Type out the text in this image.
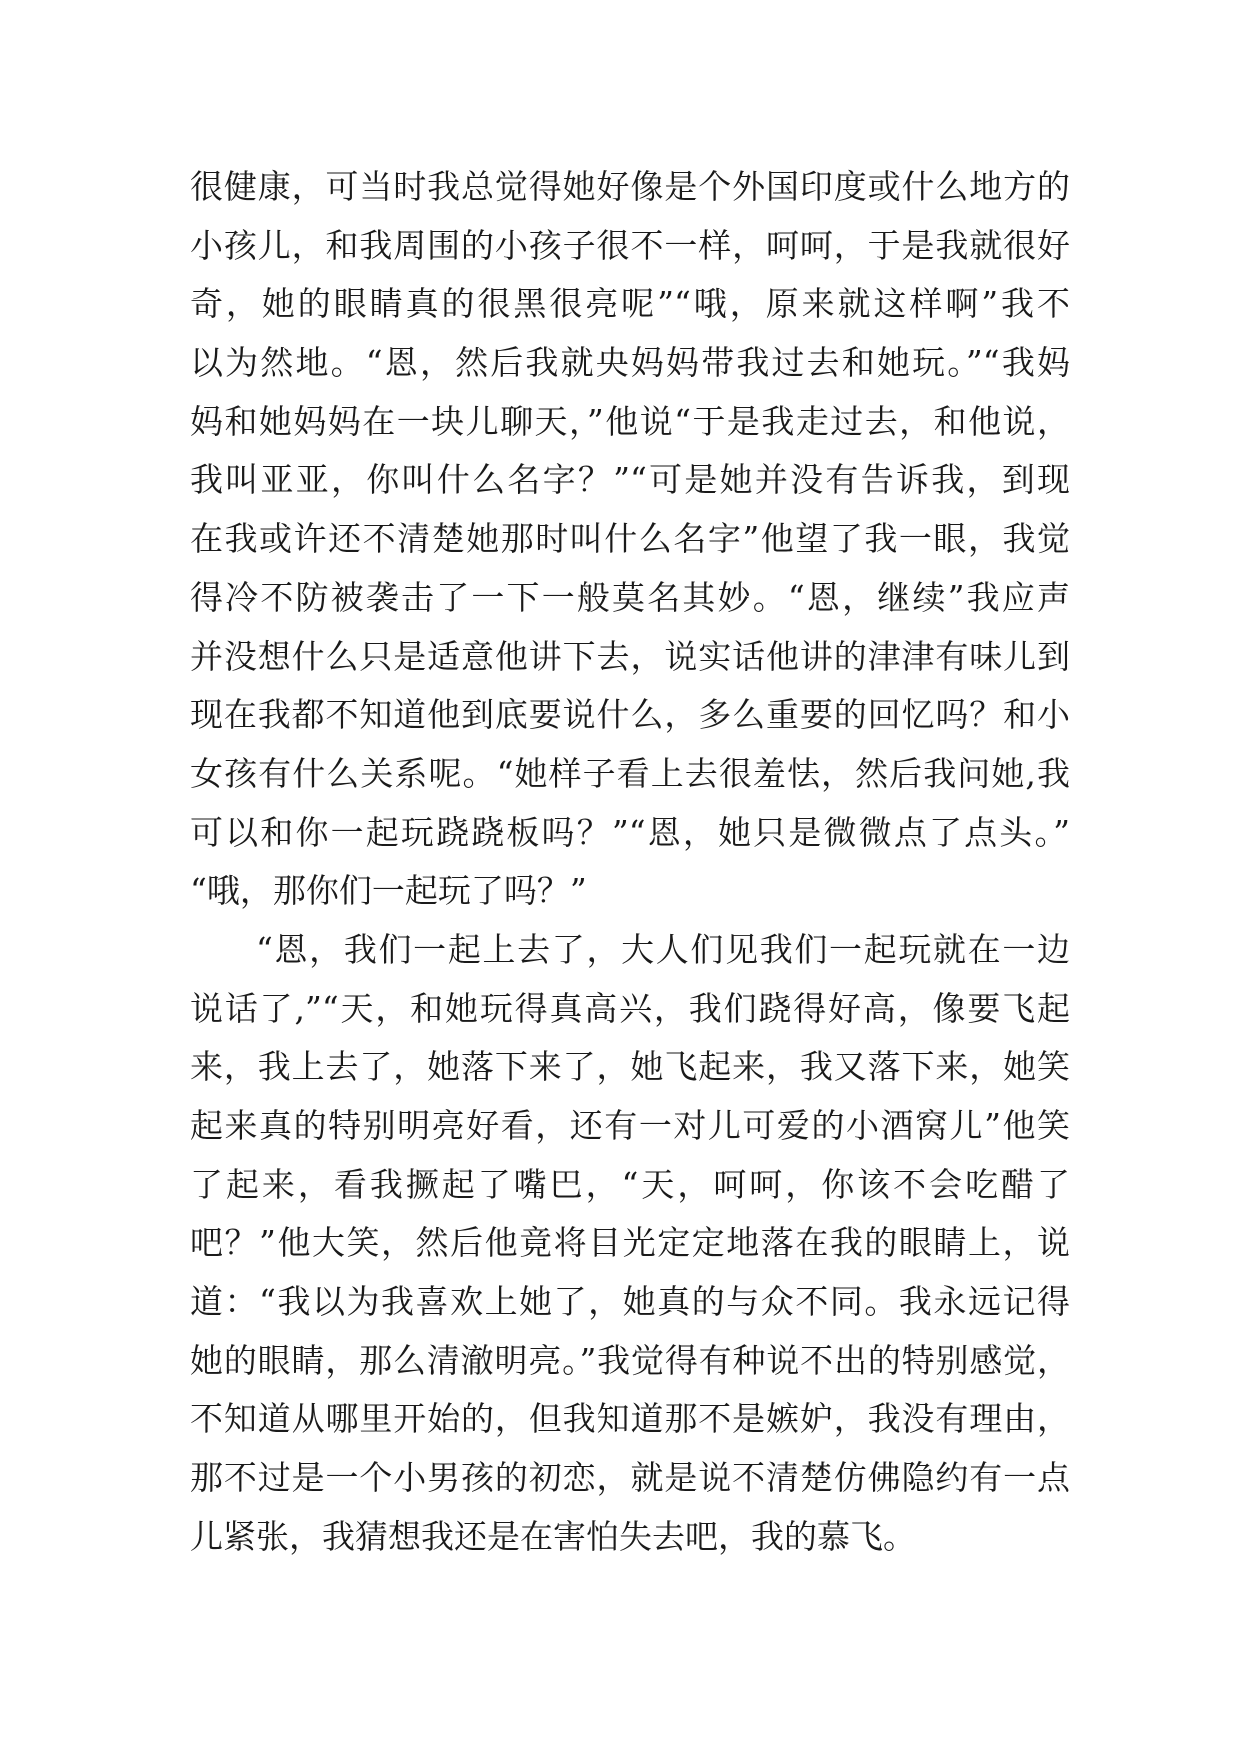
很健康，可当时我总觉得她好像是个外国印度或什么地方的
小孩儿，和我周围的小孩子很不一样，呵呵，于是我就很好
奇，她的眼睛真的很黑很亮呢”“哦，原来就这样啊”我不
以为然地。“恩，然后我就央妈妈带我过去和她玩。”“我妈
妈和她妈妈在一块儿聊天，”他说“于是我走过去，和他说，
我叫亚亚，你叫什么名字？”“可是她并没有告诉我，到现
在我或许还不清楚她那时叫什么名字”他望了我一眼，我觉
得冷不防被袭击了一下一般莫名其妙。“恩，继续”我应声
并没想什么只是适意他讲下去，说实话他讲的津津有味儿到
现在我都不知道他到底要说什么，多么重要的回忆吗？和小
女孩有什么关系呢。“她样子看上去很羞怯，然后我问她,我
可以和你一起玩跷跷板吗？”“恩，她只是微微点了点头。”
“哦，那你们一起玩了吗？”
“恩，我们一起上去了，大人们见我们一起玩就在一边
说话了,”“天，和她玩得真高兴，我们跷得好高，像要飞起
来，我上去了，她落下来了，她飞起来，我又落下来，她笑
起来真的特别明亮好看，还有一对儿可爱的小酒窝儿”他笑
了起来，看我撅起了嘴巴，“天，呵呵，你该不会吃醋了
吧？”他大笑，然后他竟将目光定定地落在我的眼睛上，说
道：“我以为我喜欢上她了，她真的与众不同。我永远记得
她的眼睛，那么清澈明亮。”我觉得有种说不出的特别感觉，
不知道从哪里开始的，但我知道那不是嫉妒，我没有理由，
那不过是一个小男孩的初恋，就是说不清楚仿佛隐约有一点
儿紧张，我猜想我还是在害怕失去吧，我的慕飞。
